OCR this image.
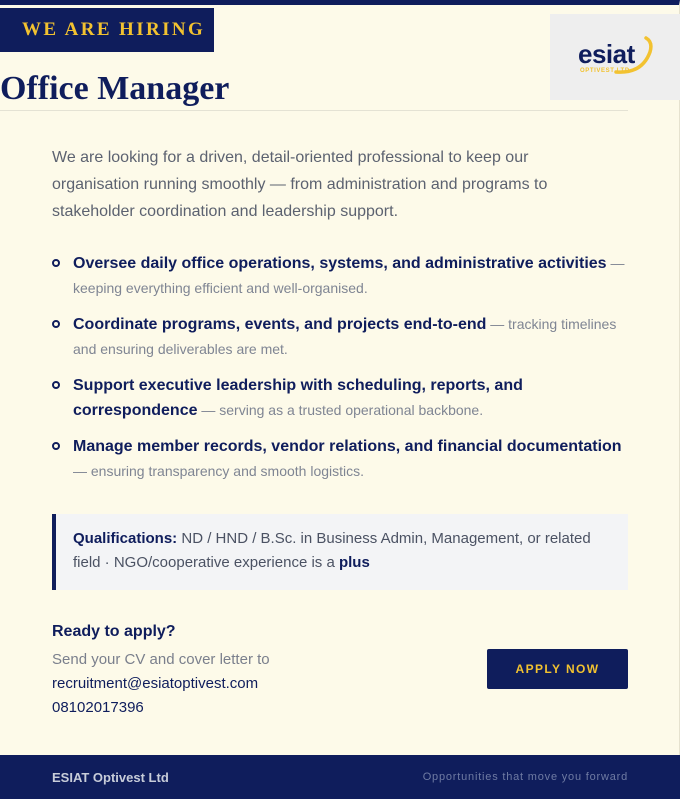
WE ARE HIRING
esiat
OPTIVEST LTD
Office Manager

We are looking for a driven, detail-oriented professional to keep our organisation running smoothly — from administration and programs to stakeholder coordination and leadership support.

Oversee daily office operations, systems, and administrative activities — keeping everything efficient and well-organised.
Coordinate programs, events, and projects end-to-end — tracking timelines and ensuring deliverables are met.
Support executive leadership with scheduling, reports, and correspondence — serving as a trusted operational backbone.
Manage member records, vendor relations, and financial documentation — ensuring transparency and smooth logistics.
Qualifications: ND / HND / B.Sc. in Business Admin, Management, or related field · NGO/cooperative experience is a plus
Ready to apply?
Send your CV and cover letter to
recruitment@esiatoptivest.com
08102017396
APPLY NOW
ESIAT Optivest Ltd	Opportunities that move you forward
